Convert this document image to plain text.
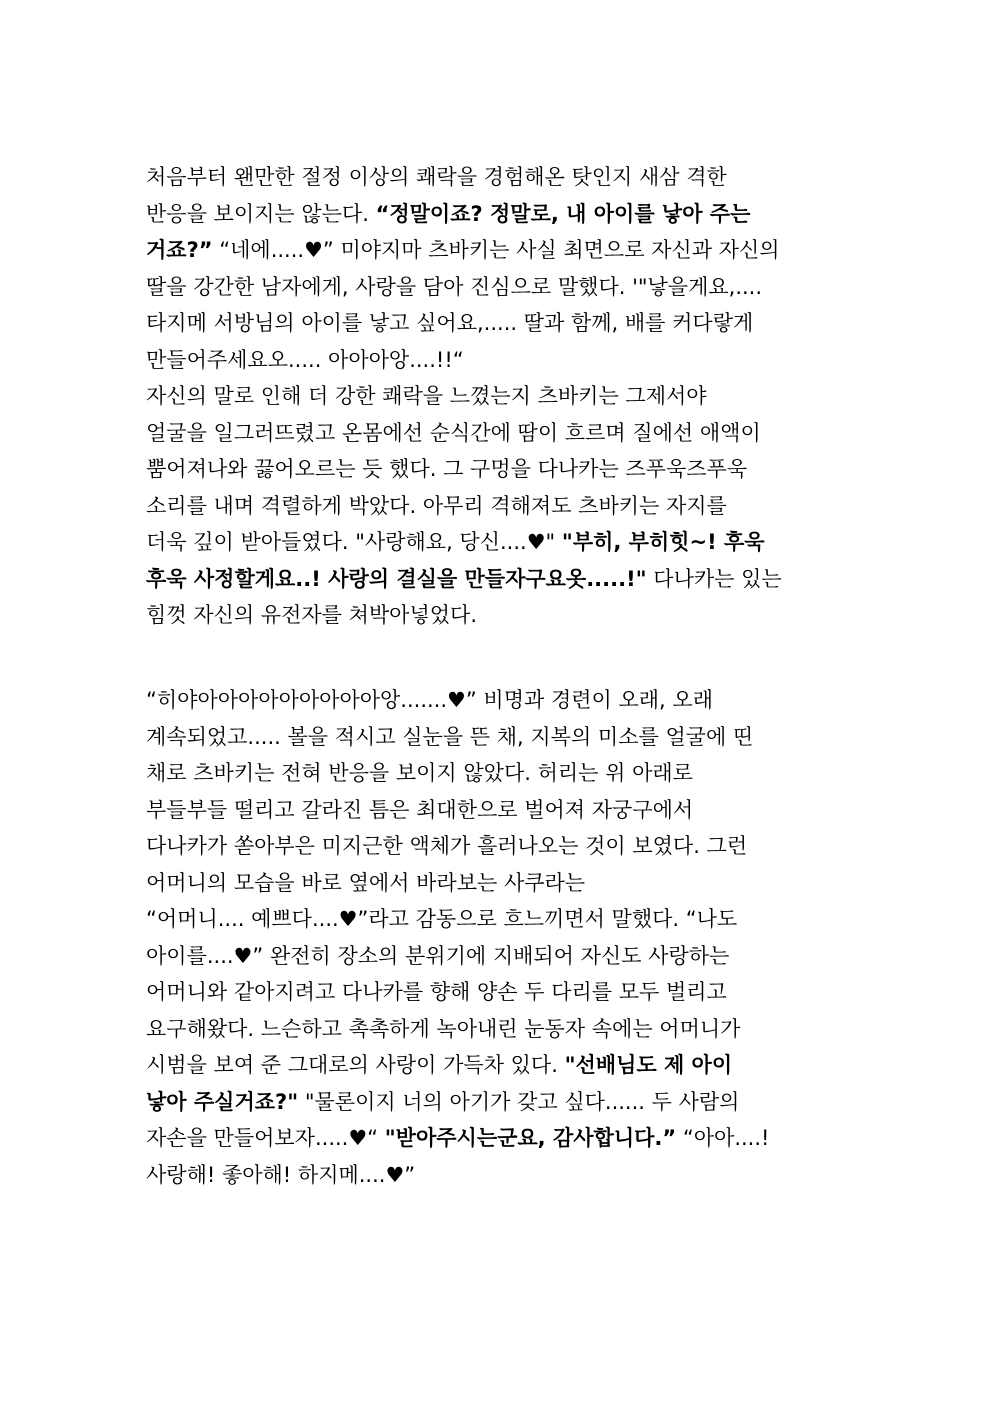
처음부터 왠만한 절정 이상의 쾌락을 경험해온 탓인지 새삼 격한
반응을 보이지는 않는다. “정말이죠? 정말로, 내 아이를 낳아 주는
거죠?” “네에.....♥” 미야지마 츠바키는 사실 최면으로 자신과 자신의
딸을 강간한 남자에게, 사랑을 담아 진심으로 말했다. '"낳을게요,....
타지메 서방님의 아이를 낳고 싶어요,..... 딸과 함께, 배를 커다랗게
만들어주세요오..... 아아아앙....!!“
자신의 말로 인해 더 강한 쾌락을 느꼈는지 츠바키는 그제서야
얼굴을 일그러뜨렸고 온몸에선 순식간에 땀이 흐르며 질에선 애액이
뿜어져나와 끓어오르는 듯 했다. 그 구멍을 다나카는 즈푸욱즈푸욱
소리를 내며 격렬하게 박았다. 아무리 격해져도 츠바키는 자지를
더욱 깊이 받아들였다. "사랑해요, 당신....♥" "부히, 부히힛~! 후욱
후욱 사정할게요..! 사랑의 결실을 만들자구요옷.....!" 다나카는 있는
힘껏 자신의 유전자를 쳐박아넣었다.
“히야아아아아아아아아아앙.......♥” 비명과 경련이 오래, 오래
계속되었고..... 볼을 적시고 실눈을 뜬 채, 지복의 미소를 얼굴에 띤
채로 츠바키는 전혀 반응을 보이지 않았다. 허리는 위 아래로
부들부들 떨리고 갈라진 틈은 최대한으로 벌어져 자궁구에서
다나카가 쏟아부은 미지근한 액체가 흘러나오는 것이 보였다. 그런
어머니의 모습을 바로 옆에서 바라보는 사쿠라는
“어머니.... 예쁘다....♥”라고 감동으로 흐느끼면서 말했다. “나도
아이를....♥” 완전히 장소의 분위기에 지배되어 자신도 사랑하는
어머니와 같아지려고 다나카를 향해 양손 두 다리를 모두 벌리고
요구해왔다. 느슨하고 촉촉하게 녹아내린 눈동자 속에는 어머니가
시범을 보여 준 그대로의 사랑이 가득차 있다. "선배님도 제 아이
낳아 주실거죠?" "물론이지 너의 아기가 갖고 싶다...... 두 사람의
자손을 만들어보자.....♥“ "받아주시는군요, 감사합니다.” “아아....!
사랑해! 좋아해! 하지메....♥”
